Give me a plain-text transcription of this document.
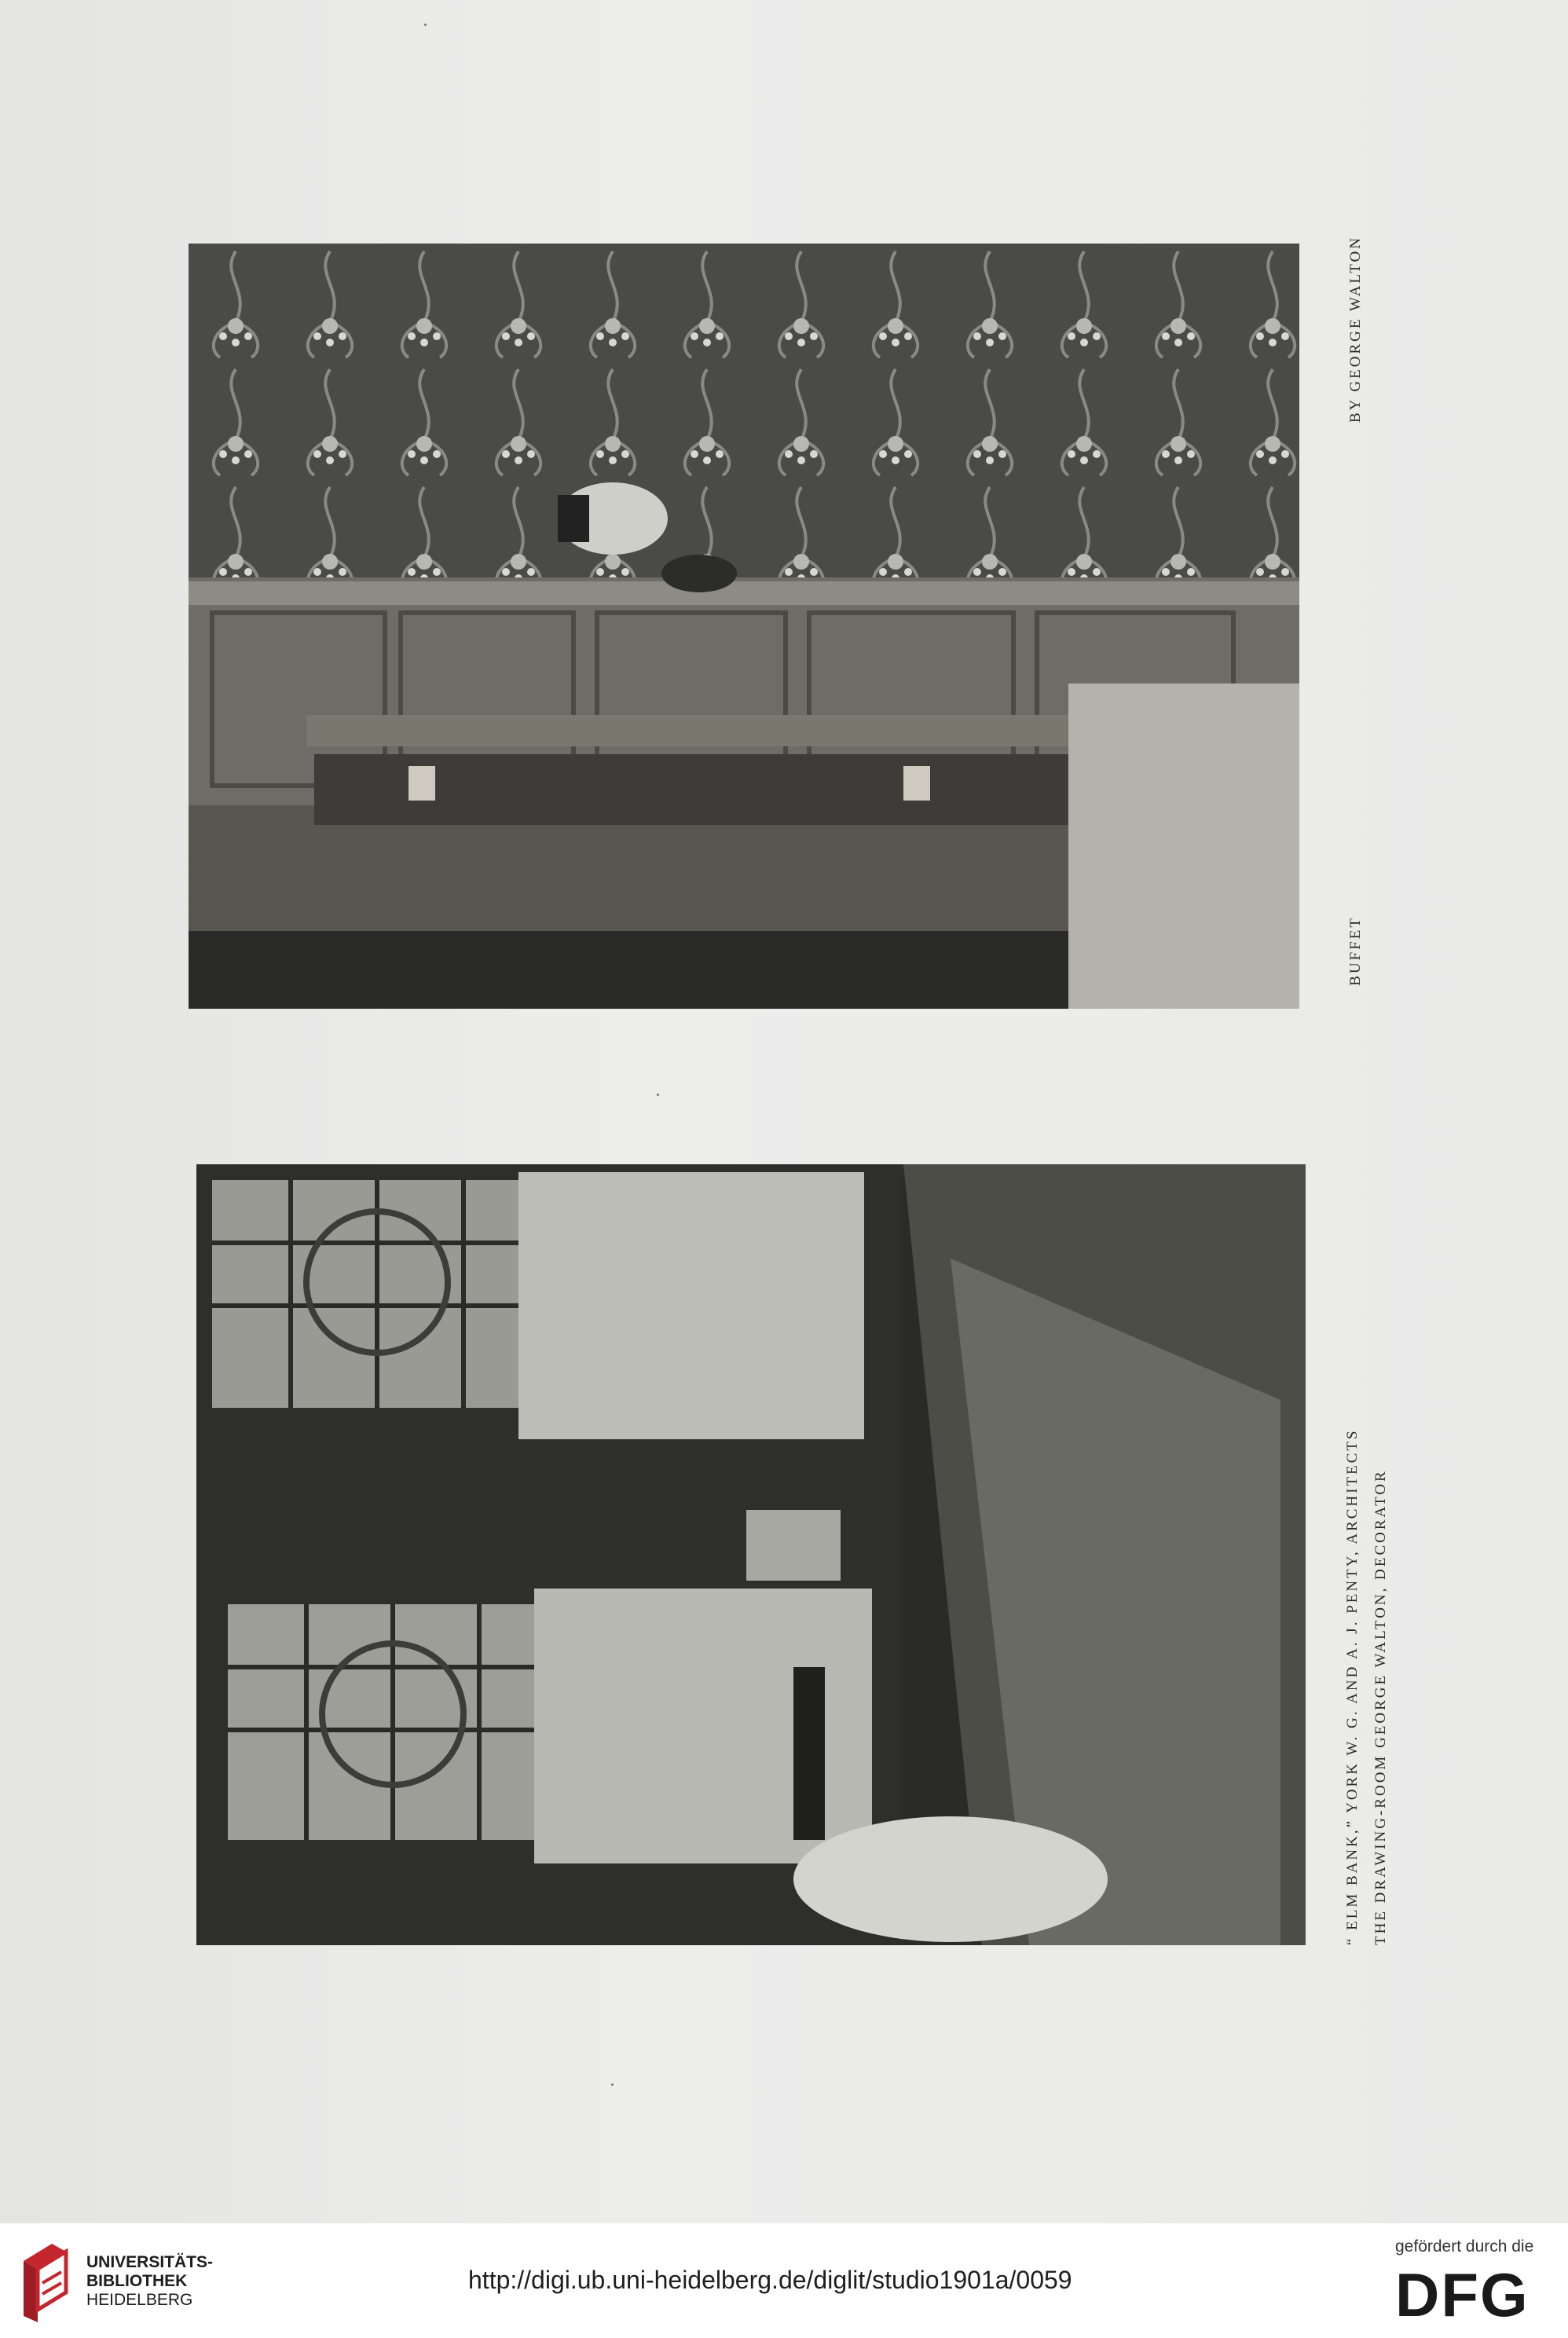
BUFFET
BY GEORGE WALTON
“ ELM BANK,” YORK W. G. AND A. J. PENTY, ARCHITECTS THE DRAWING-ROOM GEORGE WALTON, DECORATOR
UNIVERSITÄTS-
BIBLIOTHEK
HEIDELBERG
http://digi.ub.uni-heidelberg.de/diglit/studio1901a/0059
gefördert durch die
DFG
